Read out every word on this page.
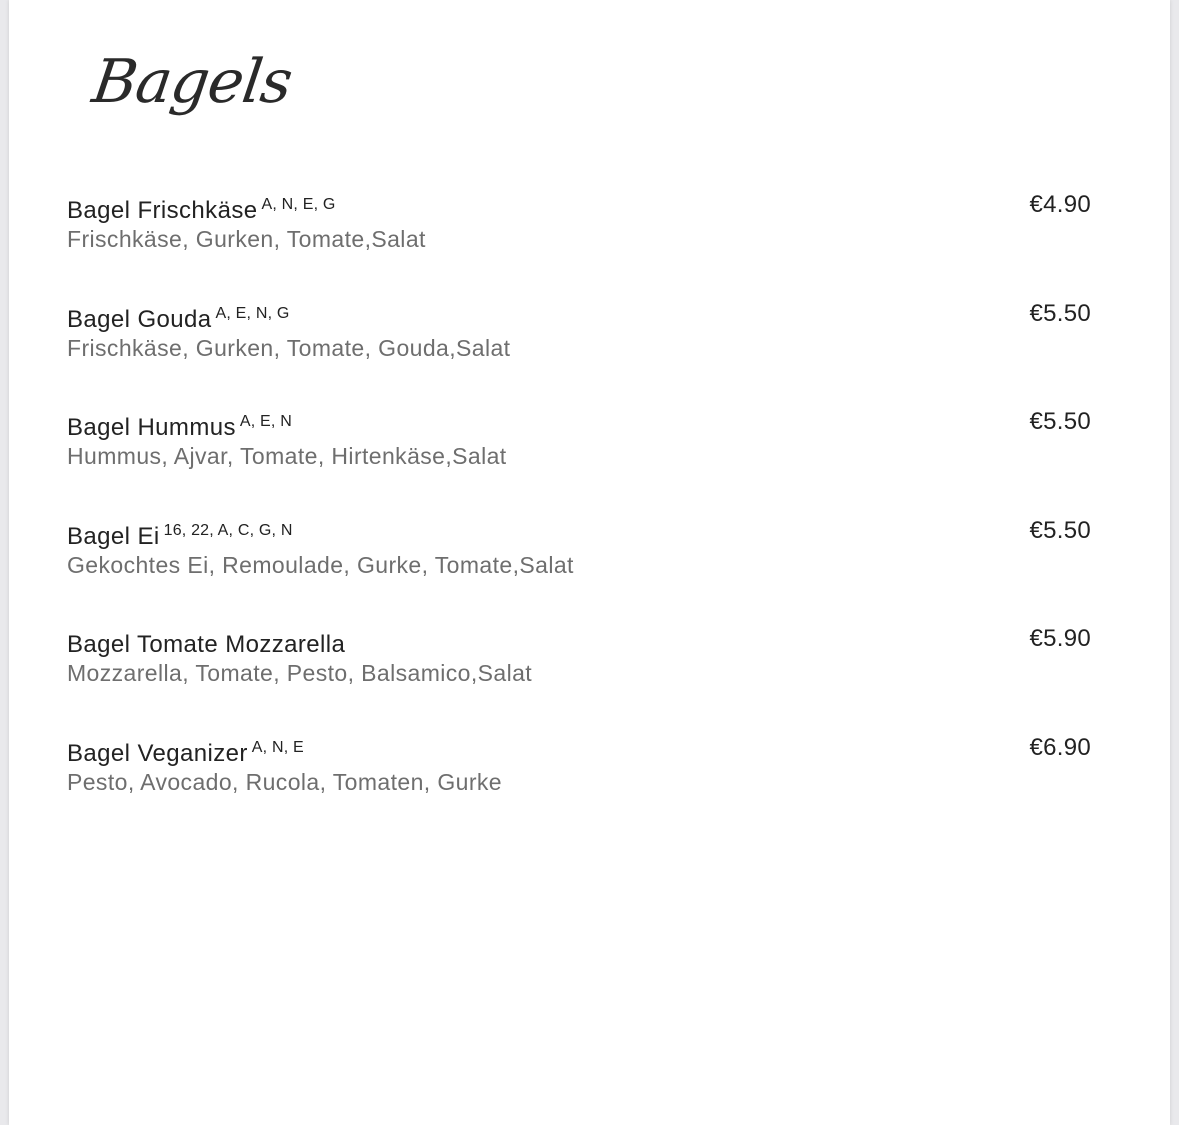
Bagels
Bagel Frischkäse $^{A, N, E, G}$
Frischkäse, Gurken, Tomate,Salat
€4.90
Bagel Gouda $^{A, E, N, G}$
Frischkäse, Gurken, Tomate, Gouda,Salat
€5.50
Bagel Hummus $^{A, E, N}$
Hummus, Ajvar, Tomate, Hirtenkäse,Salat
€5.50
Bagel Ei $^{16, 22, A, C, G, N}$
Gekochtes Ei, Remoulade, Gurke, Tomate,Salat
€5.50
Bagel Tomate Mozzarella
Mozzarella, Tomate, Pesto, Balsamico,Salat
€5.90
Bagel Veganizer $^{A, N, E}$
Pesto, Avocado, Rucola, Tomaten, Gurke
€6.90
